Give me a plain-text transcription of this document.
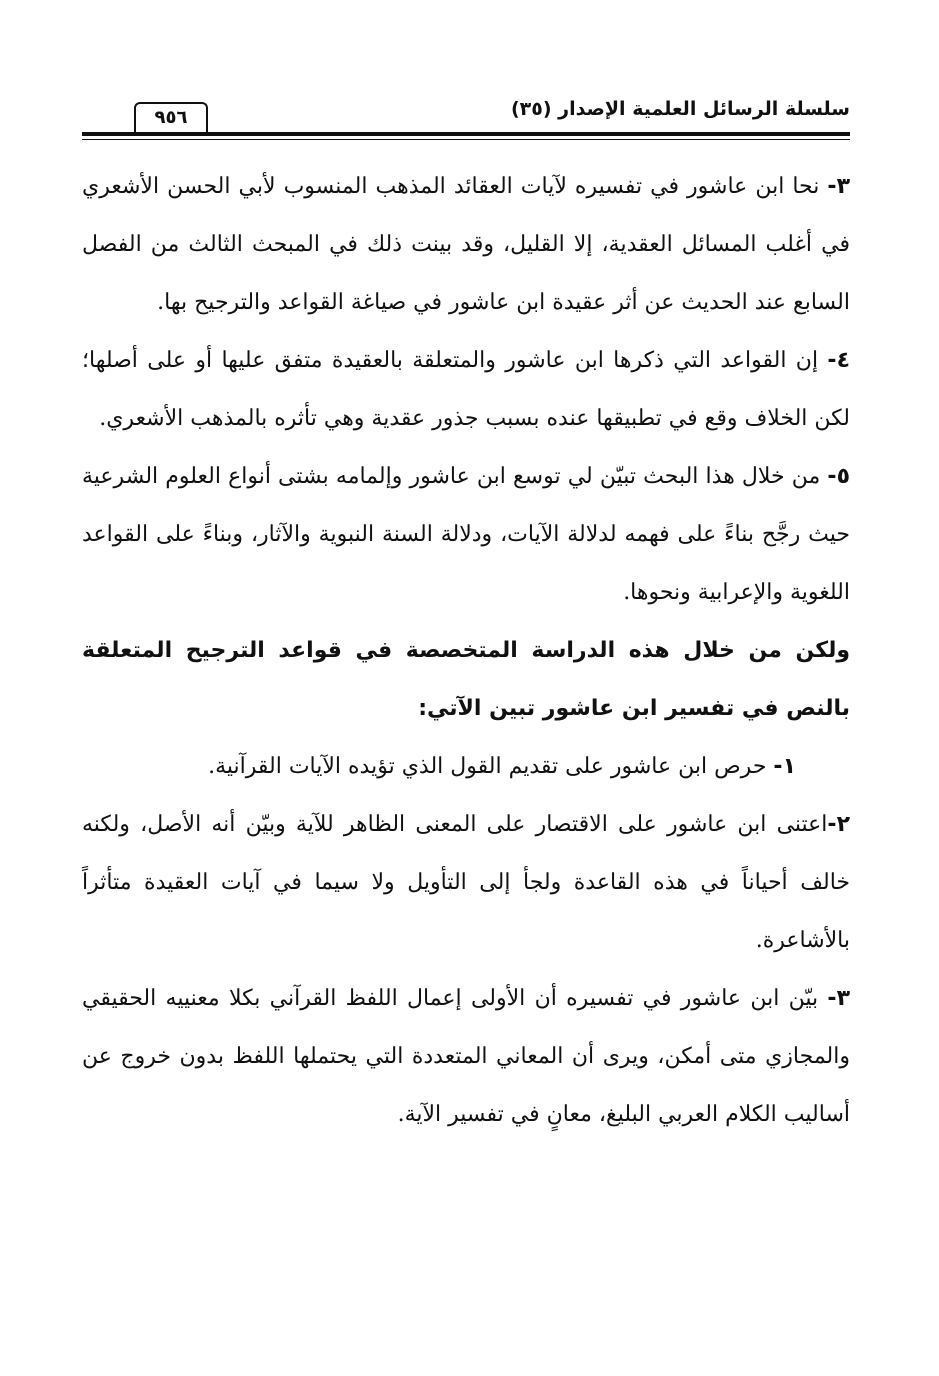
سلسلة الرسائل العلمية الإصدار (٣٥)
٩٥٦

٣- نحا ابن عاشور في تفسيره لآيات العقائد المذهب المنسوب لأبي الحسن الأشعري في أغلب المسائل العقدية، إلا القليل، وقد بينت ذلك في المبحث الثالث من الفصل السابع عند الحديث عن أثر عقيدة ابن عاشور في صياغة القواعد والترجيح بها.

٤- إن القواعد التي ذكرها ابن عاشور والمتعلقة بالعقيدة متفق عليها أو على أصلها؛ لكن الخلاف وقع في تطبيقها عنده بسبب جذور عقدية وهي تأثره بالمذهب الأشعري.

٥- من خلال هذا البحث تبيّن لي توسع ابن عاشور وإلمامه بشتى أنواع العلوم الشرعية حيث رجَّح بناءً على فهمه لدلالة الآيات، ودلالة السنة النبوية والآثار، وبناءً على القواعد اللغوية والإعرابية ونحوها.

ولكن من خلال هذه الدراسة المتخصصة في قواعد الترجيح المتعلقة بالنص في تفسير ابن عاشور تبين الآتي:

١- حرص ابن عاشور على تقديم القول الذي تؤيده الآيات القرآنية.

٢-اعتنى ابن عاشور على الاقتصار على المعنى الظاهر للآية وبيّن أنه الأصل، ولكنه خالف أحياناً في هذه القاعدة ولجأ إلى التأويل ولا سيما في آيات العقيدة متأثراً بالأشاعرة.

٣- بيّن ابن عاشور في تفسيره أن الأولى إعمال اللفظ القرآني بكلا معنييه الحقيقي والمجازي متى أمكن، ويرى أن المعاني المتعددة التي يحتملها اللفظ بدون خروج عن أساليب الكلام العربي البليغ، معانٍ في تفسير الآية.
